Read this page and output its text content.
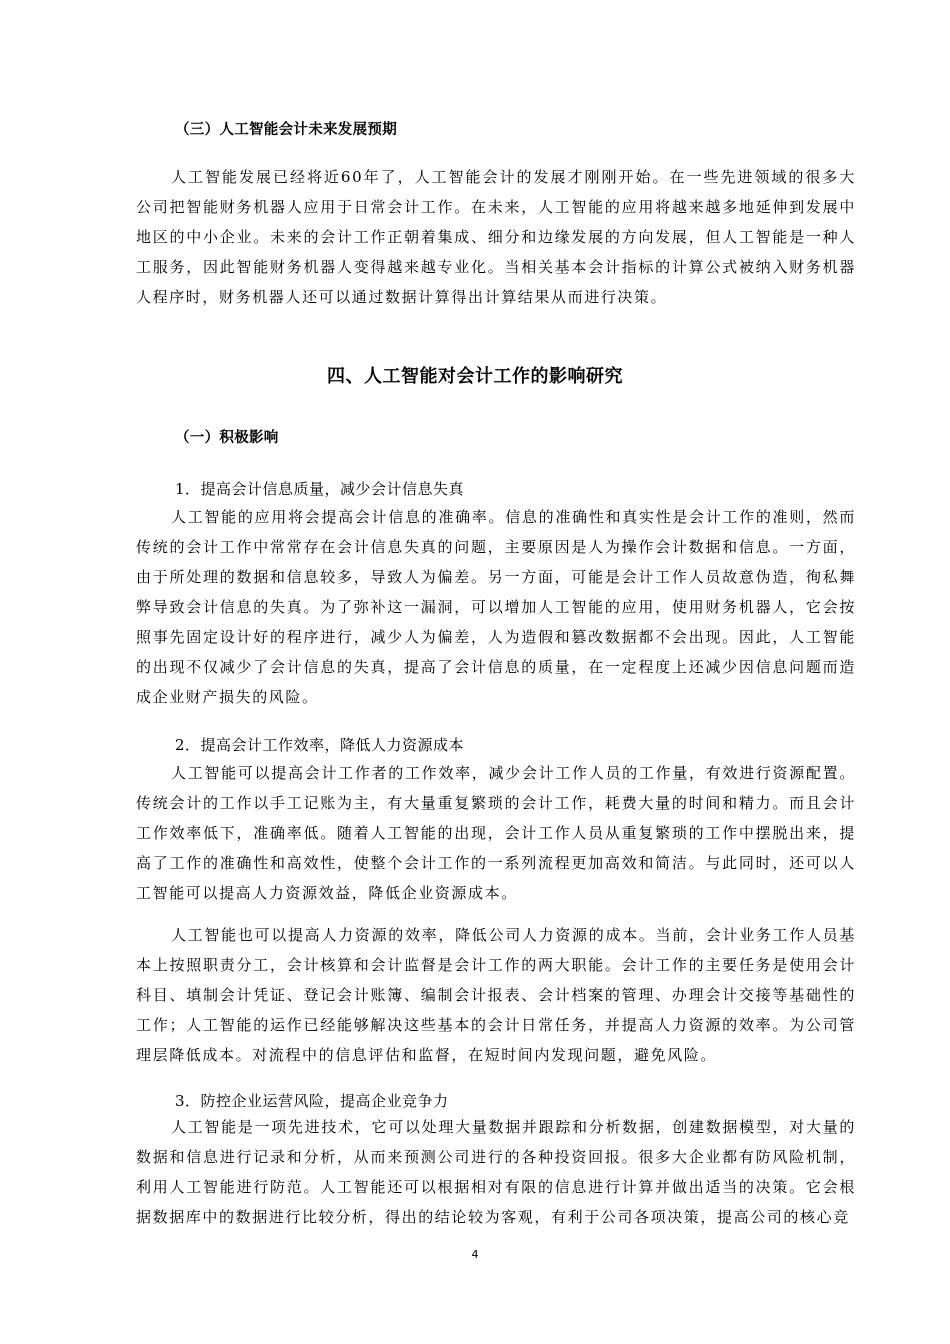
（三）人工智能会计未来发展预期

人工智能发展已经将近60年了，人工智能会计的发展才刚刚开始。在一些先进领域的很多大公司把智能财务机器人应用于日常会计工作。在未来，人工智能的应用将越来越多地延伸到发展中地区的中小企业。未来的会计工作正朝着集成、细分和边缘发展的方向发展，但人工智能是一种人工服务，因此智能财务机器人变得越来越专业化。当相关基本会计指标的计算公式被纳入财务机器人程序时，财务机器人还可以通过数据计算得出计算结果从而进行决策。

四、人工智能对会计工作的影响研究
（一）积极影响
1．提高会计信息质量，减少会计信息失真

人工智能的应用将会提高会计信息的准确率。信息的准确性和真实性是会计工作的准则，然而传统的会计工作中常常存在会计信息失真的问题，主要原因是人为操作会计数据和信息。一方面，由于所处理的数据和信息较多，导致人为偏差。另一方面，可能是会计工作人员故意伪造，徇私舞弊导致会计信息的失真。为了弥补这一漏洞，可以增加人工智能的应用，使用财务机器人，它会按照事先固定设计好的程序进行，减少人为偏差，人为造假和篡改数据都不会出现。因此，人工智能的出现不仅减少了会计信息的失真，提高了会计信息的质量，在一定程度上还减少因信息问题而造成企业财产损失的风险。

2．提高会计工作效率，降低人力资源成本

人工智能可以提高会计工作者的工作效率，减少会计工作人员的工作量，有效进行资源配置。传统会计的工作以手工记账为主，有大量重复繁琐的会计工作，耗费大量的时间和精力。而且会计工作效率低下，准确率低。随着人工智能的出现，会计工作人员从重复繁琐的工作中摆脱出来，提高了工作的准确性和高效性，使整个会计工作的一系列流程更加高效和简洁。与此同时，还可以人工智能可以提高人力资源效益，降低企业资源成本。

人工智能也可以提高人力资源的效率，降低公司人力资源的成本。当前，会计业务工作人员基本上按照职责分工，会计核算和会计监督是会计工作的两大职能。会计工作的主要任务是使用会计科目、填制会计凭证、登记会计账簿、编制会计报表、会计档案的管理、办理会计交接等基础性的工作；人工智能的运作已经能够解决这些基本的会计日常任务，并提高人力资源的效率。为公司管理层降低成本。对流程中的信息评估和监督，在短时间内发现问题，避免风险。

3．防控企业运营风险，提高企业竞争力

人工智能是一项先进技术，它可以处理大量数据并跟踪和分析数据，创建数据模型，对大量的数据和信息进行记录和分析，从而来预测公司进行的各种投资回报。很多大企业都有防风险机制，利用人工智能进行防范。人工智能还可以根据相对有限的信息进行计算并做出适当的决策。它会根据数据库中的数据进行比较分析，得出的结论较为客观，有利于公司各项决策，提高公司的核心竞

4
